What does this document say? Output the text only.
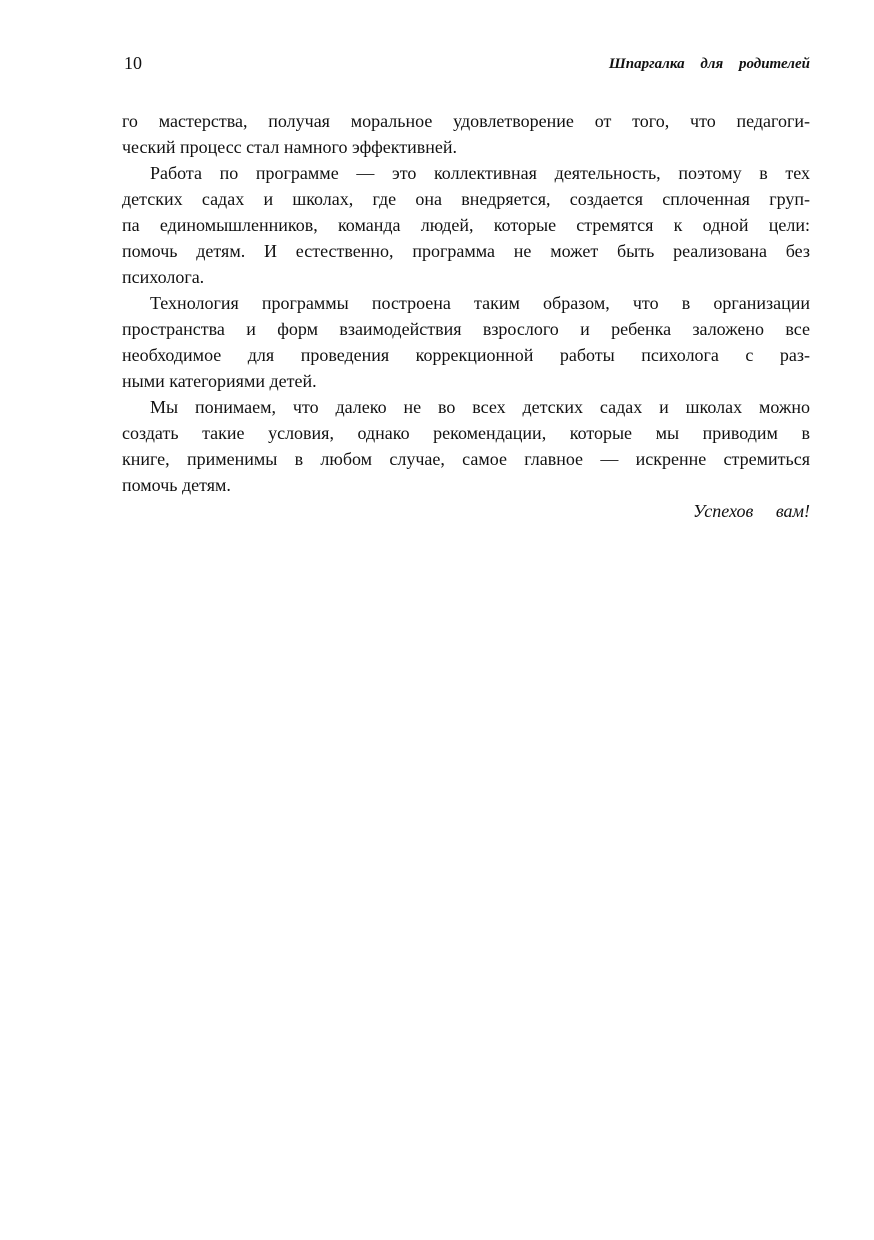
10	Шпаргалка для родителей
го мастерства, получая моральное удовлетворение от того, что педагоги-
ческий процесс стал намного эффективней.
Работа по программе — это коллективная деятельность, поэтому в тех
детских садах и школах, где она внедряется, создается сплоченная груп-
па единомышленников, команда людей, которые стремятся к одной цели:
помочь детям. И естественно, программа не может быть реализована без
психолога.
Технология программы построена таким образом, что в организации
пространства и форм взаимодействия взрослого и ребенка заложено все
необходимое для проведения коррекционной работы психолога с раз-
ными категориями детей.
Мы понимаем, что далеко не во всех детских садах и школах можно
создать такие условия, однако рекомендации, которые мы приводим в
книге, применимы в любом случае, самое главное — искренне стремиться
помочь детям.
Успехов вам!
